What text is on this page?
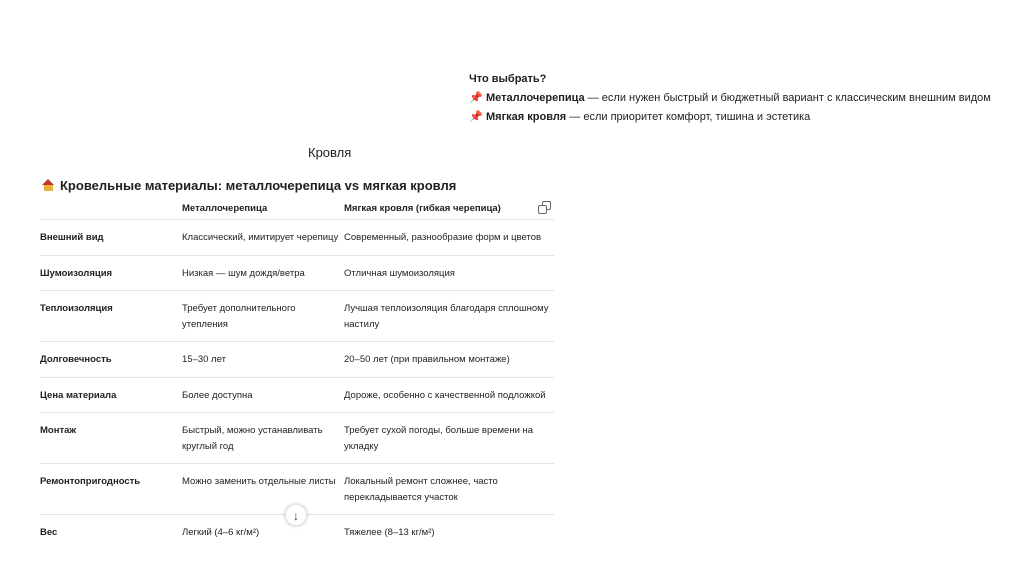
Что выбрать?
📌 Металлочерепица — если нужен быстрый и бюджетный вариант с классическим внешним видом
📌 Мягкая кровля — если приоритет комфорт, тишина и эстетика
Кровля
Кровельные материалы: металлочерепица vs мягкая кровля
	Металлочерепица	Мягкая кровля (гибкая черепица)
Внешний вид	Классический, имитирует черепицу	Современный, разнообразие форм и цветов
Шумоизоляция	Низкая — шум дождя/ветра	Отличная шумоизоляция
Теплоизоляция	Требует дополнительного утепления	Лучшая теплоизоляция благодаря сплошному настилу
Долговечность	15–30 лет	20–50 лет (при правильном монтаже)
Цена материала	Более доступна	Дороже, особенно с качественной подложкой
Монтаж	Быстрый, можно устанавливать круглый год	Требует сухой погоды, больше времени на укладку
Ремонтопригодность	Можно заменить отдельные листы	Локальный ремонт сложнее, часто перекладывается участок
Вес	Легкий (4–6 кг/м²)	Тяжелее (8–13 кг/м²)
↓
